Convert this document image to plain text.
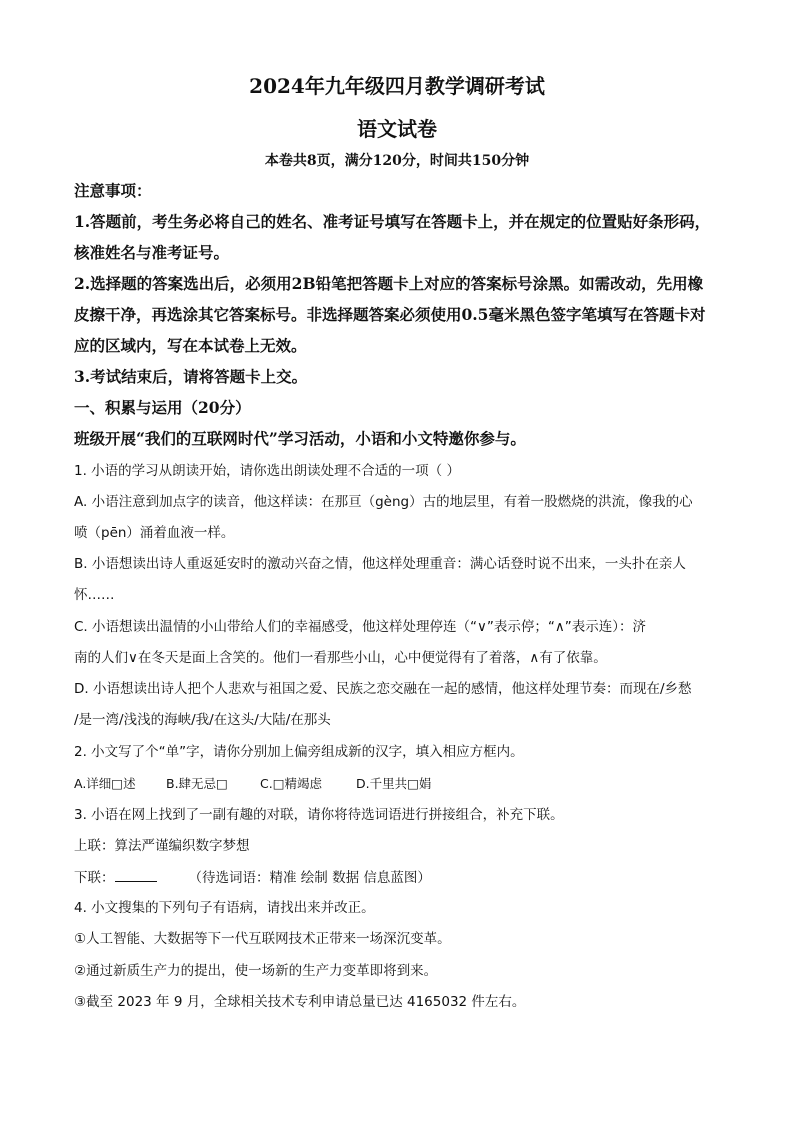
2024年九年级四月教学调研考试
语文试卷
本卷共8页，满分120分，时间共150分钟
注意事项：
1.答题前，考生务必将自己的姓名、准考证号填写在答题卡上，并在规定的位置贴好条形码，
核准姓名与准考证号。
2.选择题的答案选出后，必须用2B铅笔把答题卡上对应的答案标号涂黑。如需改动，先用橡
皮擦干净，再选涂其它答案标号。非选择题答案必须使用0.5毫米黑色签字笔填写在答题卡对
应的区域内，写在本试卷上无效。
3.考试结束后，请将答题卡上交。
一、积累与运用（20分）
班级开展“我们的互联网时代”学习活动，小语和小文特邀你参与。
1. 小语的学习从朗读开始，请你选出朗读处理不合适的一项（ ）
A. 小语注意到加点字的读音，他这样读：在那亘（gèng）古的地层里，有着一股燃烧的洪流，像我的心
喷（pēn）涌着血液一样。
B. 小语想读出诗人重返延安时的激动兴奋之情，他这样处理重音：满心话登时说不出来，一头扑在亲人
怀……
C. 小语想读出温情的小山带给人们的幸福感受，他这样处理停连（“∨”表示停；“∧”表示连）：济
南的人们∨在冬天是面上含笑的。他们一看那些小山，心中便觉得有了着落，∧有了依靠。
D. 小语想读出诗人把个人悲欢与祖国之爱、民族之恋交融在一起的感情，他这样处理节奏：而现在/乡愁
/是一湾/浅浅的海峡/我/在这头/大陆/在那头
2. 小文写了个“单”字，请你分别加上偏旁组成新的汉字，填入相应方框内。
A.详细□述 B.肆无忌□	C.□精竭虑	D.千里共□娟
3. 小语在网上找到了一副有趣的对联，请你将待选词语进行拼接组合，补充下联。
上联：算法严谨编织数字梦想
下联：	（待选词语：精准 绘制 数据 信息蓝图）
4. 小文搜集的下列句子有语病，请找出来并改正。
①人工智能、大数据等下一代互联网技术正带来一场深沉变革。
②通过新质生产力的提出，使一场新的生产力变革即将到来。
③截至 2023 年 9 月，全球相关技术专利申请总量已达 4165032 件左右。
